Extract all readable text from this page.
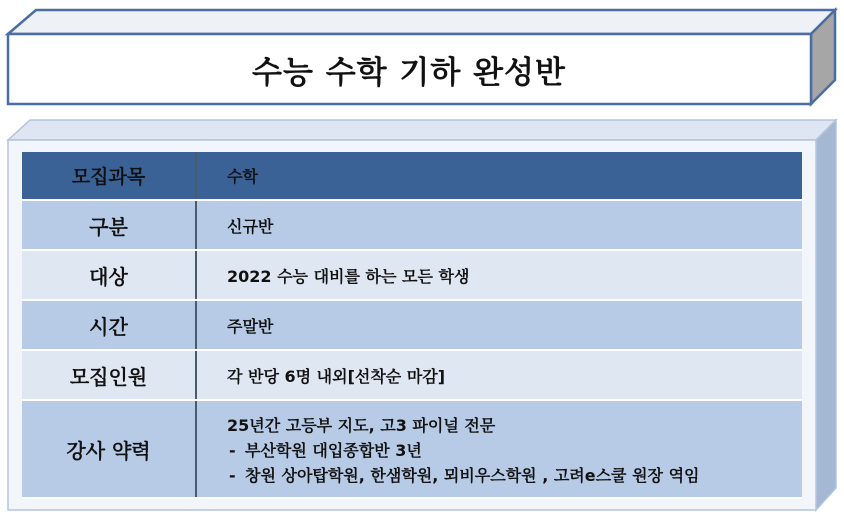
수능 수학 기하 완성반
모집과목	수학
구분	신규반
대상	2022 수능 대비를 하는 모든 학생
시간	주말반
모집인원	각 반당 6명 내외[선착순 마감]
강사 약력	25년간 고등부 지도, 고3 파이널 전문
- 부산학원 대입종합반 3년
- 창원 상아탑학원, 한샘학원, 뫼비우스학원 , 고려e스쿨 원장 역임
